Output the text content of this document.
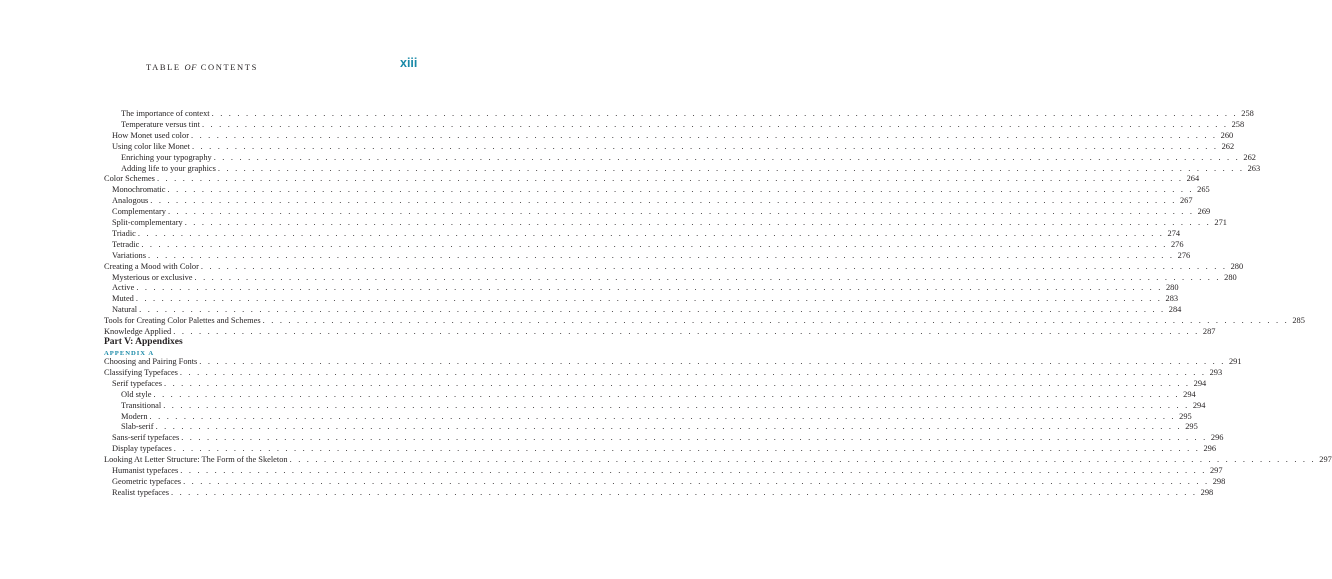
TABLE OF CONTENTS	xiii
Part V: Appendixes
APPENDIX A
The importance of context . . . . . . . . . . . . . . . . . . . . . . . . . . . . . . . . . . . . . . . . . . . . . . . . . . . . . . . . . . . . . . . . . . . . . . . . . . . . . . . . . . . . . . . . . . . . . . . . . . . . . . . . . . . . . . . . . . . . . . . . 258
Temperature versus tint . . . . . . . . . . . . . . . . . . . . . . . . . . . . . . . . . . . . . . . . . . . . . . . . . . . . . . . . . . . . . . . . . . . . . . . . . . . . . . . . . . . . . . . . . . . . . . . . . . . . . . . . . . . . . . . . . . . . . . . . 258
How Monet used color . . . . . . . . . . . . . . . . . . . . . . . . . . . . . . . . . . . . . . . . . . . . . . . . . . . . . . . . . . . . . . . . . . . . . . . . . . . . . . . . . . . . . . . . . . . . . . . . . . . . . . . . . . . . . . . . . . . . . . . . 260
Using color like Monet . . . . . . . . . . . . . . . . . . . . . . . . . . . . . . . . . . . . . . . . . . . . . . . . . . . . . . . . . . . . . . . . . . . . . . . . . . . . . . . . . . . . . . . . . . . . . . . . . . . . . . . . . . . . . . . . . . . . . . . . 262
Enriching your typography . . . . . . . . . . . . . . . . . . . . . . . . . . . . . . . . . . . . . . . . . . . . . . . . . . . . . . . . . . . . . . . . . . . . . . . . . . . . . . . . . . . . . . . . . . . . . . . . . . . . . . . . . . . . . . . . . . . . . . . . 262
Adding life to your graphics . . . . . . . . . . . . . . . . . . . . . . . . . . . . . . . . . . . . . . . . . . . . . . . . . . . . . . . . . . . . . . . . . . . . . . . . . . . . . . . . . . . . . . . . . . . . . . . . . . . . . . . . . . . . . . . . . . . . . . . . 263
Color Schemes . . . . . . . . . . . . . . . . . . . . . . . . . . . . . . . . . . . . . . . . . . . . . . . . . . . . . . . . . . . . . . . . . . . . . . . . . . . . . . . . . . . . . . . . . . . . . . . . . . . . . . . . . . . . . . . . . . . . . . . . 264
Monochromatic . . . . . . . . . . . . . . . . . . . . . . . . . . . . . . . . . . . . . . . . . . . . . . . . . . . . . . . . . . . . . . . . . . . . . . . . . . . . . . . . . . . . . . . . . . . . . . . . . . . . . . . . . . . . . . . . . . . . . . . . 265
Analogous . . . . . . . . . . . . . . . . . . . . . . . . . . . . . . . . . . . . . . . . . . . . . . . . . . . . . . . . . . . . . . . . . . . . . . . . . . . . . . . . . . . . . . . . . . . . . . . . . . . . . . . . . . . . . . . . . . . . . . . . 267
Complementary . . . . . . . . . . . . . . . . . . . . . . . . . . . . . . . . . . . . . . . . . . . . . . . . . . . . . . . . . . . . . . . . . . . . . . . . . . . . . . . . . . . . . . . . . . . . . . . . . . . . . . . . . . . . . . . . . . . . . . . . 269
Split-complementary . . . . . . . . . . . . . . . . . . . . . . . . . . . . . . . . . . . . . . . . . . . . . . . . . . . . . . . . . . . . . . . . . . . . . . . . . . . . . . . . . . . . . . . . . . . . . . . . . . . . . . . . . . . . . . . . . . . . . . . . 271
Triadic . . . . . . . . . . . . . . . . . . . . . . . . . . . . . . . . . . . . . . . . . . . . . . . . . . . . . . . . . . . . . . . . . . . . . . . . . . . . . . . . . . . . . . . . . . . . . . . . . . . . . . . . . . . . . . . . . . . . . . . . 274
Tetradic . . . . . . . . . . . . . . . . . . . . . . . . . . . . . . . . . . . . . . . . . . . . . . . . . . . . . . . . . . . . . . . . . . . . . . . . . . . . . . . . . . . . . . . . . . . . . . . . . . . . . . . . . . . . . . . . . . . . . . . . 276
Variations . . . . . . . . . . . . . . . . . . . . . . . . . . . . . . . . . . . . . . . . . . . . . . . . . . . . . . . . . . . . . . . . . . . . . . . . . . . . . . . . . . . . . . . . . . . . . . . . . . . . . . . . . . . . . . . . . . . . . . . . 276
Creating a Mood with Color . . . . . . . . . . . . . . . . . . . . . . . . . . . . . . . . . . . . . . . . . . . . . . . . . . . . . . . . . . . . . . . . . . . . . . . . . . . . . . . . . . . . . . . . . . . . . . . . . . . . . . . . . . . . . . . . . . . . . . . . 280
Mysterious or exclusive . . . . . . . . . . . . . . . . . . . . . . . . . . . . . . . . . . . . . . . . . . . . . . . . . . . . . . . . . . . . . . . . . . . . . . . . . . . . . . . . . . . . . . . . . . . . . . . . . . . . . . . . . . . . . . . . . . . . . . . . 280
Active . . . . . . . . . . . . . . . . . . . . . . . . . . . . . . . . . . . . . . . . . . . . . . . . . . . . . . . . . . . . . . . . . . . . . . . . . . . . . . . . . . . . . . . . . . . . . . . . . . . . . . . . . . . . . . . . . . . . . . . . 280
Muted . . . . . . . . . . . . . . . . . . . . . . . . . . . . . . . . . . . . . . . . . . . . . . . . . . . . . . . . . . . . . . . . . . . . . . . . . . . . . . . . . . . . . . . . . . . . . . . . . . . . . . . . . . . . . . . . . . . . . . . . 283
Natural . . . . . . . . . . . . . . . . . . . . . . . . . . . . . . . . . . . . . . . . . . . . . . . . . . . . . . . . . . . . . . . . . . . . . . . . . . . . . . . . . . . . . . . . . . . . . . . . . . . . . . . . . . . . . . . . . . . . . . . . 284
Tools for Creating Color Palettes and Schemes . . . . . . . . . . . . . . . . . . . . . . . . . . . . . . . . . . . . . . . . . . . . . . . . . . . . . . . . . . . . . . . . . . . . . . . . . . . . . . . . . . . . . . . . . . . . . . . . . . . . . . . . . . . . . . . . . . . . . . . . 285
Knowledge Applied . . . . . . . . . . . . . . . . . . . . . . . . . . . . . . . . . . . . . . . . . . . . . . . . . . . . . . . . . . . . . . . . . . . . . . . . . . . . . . . . . . . . . . . . . . . . . . . . . . . . . . . . . . . . . . . . . . . . . . . . 287
Choosing and Pairing Fonts . . . . . . . . . . . . . . . . . . . . . . . . . . . . . . . . . . . . . . . . . . . . . . . . . . . . . . . . . . . . . . . . . . . . . . . . . . . . . . . . . . . . . . . . . . . . . . . . . . . . . . . . . . . . . . . . . . . . . . . . 291
Classifying Typefaces . . . . . . . . . . . . . . . . . . . . . . . . . . . . . . . . . . . . . . . . . . . . . . . . . . . . . . . . . . . . . . . . . . . . . . . . . . . . . . . . . . . . . . . . . . . . . . . . . . . . . . . . . . . . . . . . . . . . . . . . 293
Serif typefaces . . . . . . . . . . . . . . . . . . . . . . . . . . . . . . . . . . . . . . . . . . . . . . . . . . . . . . . . . . . . . . . . . . . . . . . . . . . . . . . . . . . . . . . . . . . . . . . . . . . . . . . . . . . . . . . . . . . . . . . . 294
Old style . . . . . . . . . . . . . . . . . . . . . . . . . . . . . . . . . . . . . . . . . . . . . . . . . . . . . . . . . . . . . . . . . . . . . . . . . . . . . . . . . . . . . . . . . . . . . . . . . . . . . . . . . . . . . . . . . . . . . . . . 294
Transitional . . . . . . . . . . . . . . . . . . . . . . . . . . . . . . . . . . . . . . . . . . . . . . . . . . . . . . . . . . . . . . . . . . . . . . . . . . . . . . . . . . . . . . . . . . . . . . . . . . . . . . . . . . . . . . . . . . . . . . . . 294
Modern . . . . . . . . . . . . . . . . . . . . . . . . . . . . . . . . . . . . . . . . . . . . . . . . . . . . . . . . . . . . . . . . . . . . . . . . . . . . . . . . . . . . . . . . . . . . . . . . . . . . . . . . . . . . . . . . . . . . . . . . 295
Slab-serif . . . . . . . . . . . . . . . . . . . . . . . . . . . . . . . . . . . . . . . . . . . . . . . . . . . . . . . . . . . . . . . . . . . . . . . . . . . . . . . . . . . . . . . . . . . . . . . . . . . . . . . . . . . . . . . . . . . . . . . . 295
Sans-serif typefaces . . . . . . . . . . . . . . . . . . . . . . . . . . . . . . . . . . . . . . . . . . . . . . . . . . . . . . . . . . . . . . . . . . . . . . . . . . . . . . . . . . . . . . . . . . . . . . . . . . . . . . . . . . . . . . . . . . . . . . . . 296
Display typefaces . . . . . . . . . . . . . . . . . . . . . . . . . . . . . . . . . . . . . . . . . . . . . . . . . . . . . . . . . . . . . . . . . . . . . . . . . . . . . . . . . . . . . . . . . . . . . . . . . . . . . . . . . . . . . . . . . . . . . . . . 296
Looking At Letter Structure: The Form of the Skeleton . . . . . . . . . . . . . . . . . . . . . . . . . . . . . . . . . . . . . . . . . . . . . . . . . . . . . . . . . . . . . . . . . . . . . . . . . . . . . . . . . . . . . . . . . . . . . . . . . . . . . . . . . . . . . . . . . . . . . . . . 297
Humanist typefaces . . . . . . . . . . . . . . . . . . . . . . . . . . . . . . . . . . . . . . . . . . . . . . . . . . . . . . . . . . . . . . . . . . . . . . . . . . . . . . . . . . . . . . . . . . . . . . . . . . . . . . . . . . . . . . . . . . . . . . . . 297
Geometric typefaces . . . . . . . . . . . . . . . . . . . . . . . . . . . . . . . . . . . . . . . . . . . . . . . . . . . . . . . . . . . . . . . . . . . . . . . . . . . . . . . . . . . . . . . . . . . . . . . . . . . . . . . . . . . . . . . . . . . . . . . . 298
Realist typefaces . . . . . . . . . . . . . . . . . . . . . . . . . . . . . . . . . . . . . . . . . . . . . . . . . . . . . . . . . . . . . . . . . . . . . . . . . . . . . . . . . . . . . . . . . . . . . . . . . . . . . . . . . . . . . . . . . . . . . . . . 298
